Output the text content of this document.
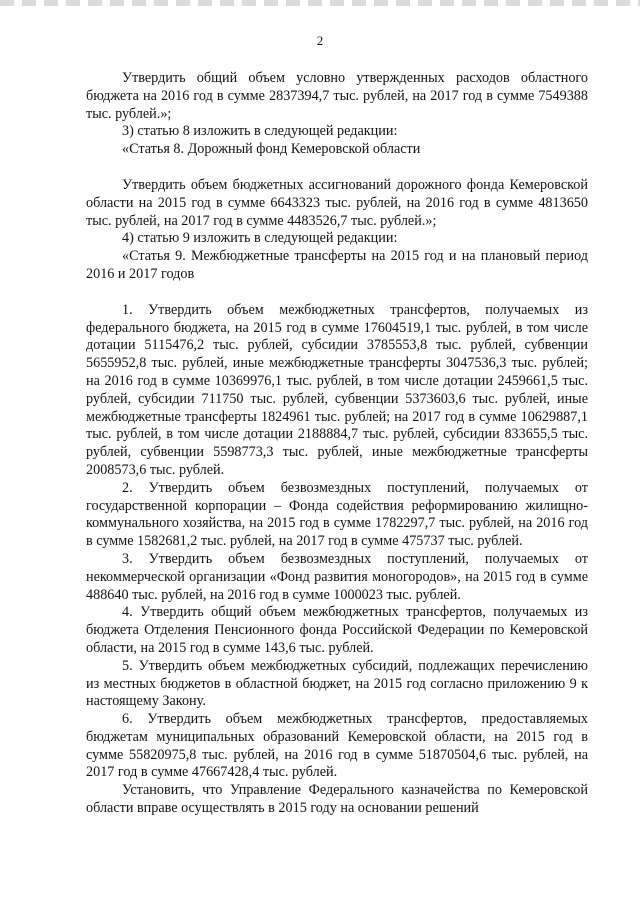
2

Утвердить общий объем условно утвержденных расходов областного бюджета на 2016 год в сумме 2837394,7 тыс. рублей, на 2017 год в сумме 7549388 тыс. рублей.»;

3) статью 8 изложить в следующей редакции:

«Статья 8. Дорожный фонд Кемеровской области

Утвердить объем бюджетных ассигнований дорожного фонда Кемеровской области на 2015 год в сумме 6643323 тыс. рублей, на 2016 год в сумме 4813650 тыс. рублей, на 2017 год в сумме 4483526,7 тыс. рублей.»;

4) статью 9 изложить в следующей редакции:

«Статья 9. Межбюджетные трансферты на 2015 год и на плановый период 2016 и 2017 годов

1. Утвердить объем межбюджетных трансфертов, получаемых из федерального бюджета, на 2015 год в сумме 17604519,1 тыс. рублей, в том числе дотации 5115476,2 тыс. рублей, субсидии 3785553,8 тыс. рублей, субвенции 5655952,8 тыс. рублей, иные межбюджетные трансферты 3047536,3 тыс. рублей; на 2016 год в сумме 10369976,1 тыс. рублей, в том числе дотации 2459661,5 тыс. рублей, субсидии 711750 тыс. рублей, субвенции 5373603,6 тыс. рублей, иные межбюджетные трансферты 1824961 тыс. рублей; на 2017 год в сумме 10629887,1 тыс. рублей, в том числе дотации 2188884,7 тыс. рублей, субсидии 833655,5 тыс. рублей, субвенции 5598773,3 тыс. рублей, иные межбюджетные трансферты 2008573,6 тыс. рублей.

2. Утвердить объем безвозмездных поступлений, получаемых от государственной корпорации – Фонда содействия реформированию жилищно-коммунального хозяйства, на 2015 год в сумме 1782297,7 тыс. рублей, на 2016 год в сумме 1582681,2 тыс. рублей, на 2017 год в сумме 475737 тыс. рублей.

3. Утвердить объем безвозмездных поступлений, получаемых от некоммерческой организации «Фонд развития моногородов», на 2015 год в сумме 488640 тыс. рублей, на 2016 год в сумме 1000023 тыс. рублей.

4. Утвердить общий объем межбюджетных трансфертов, получаемых из бюджета Отделения Пенсионного фонда Российской Федерации по Кемеровской области, на 2015 год в сумме 143,6 тыс. рублей.

5. Утвердить объем межбюджетных субсидий, подлежащих перечислению из местных бюджетов в областной бюджет, на 2015 год согласно приложению 9 к настоящему Закону.

6. Утвердить объем межбюджетных трансфертов, предоставляемых бюджетам муниципальных образований Кемеровской области, на 2015 год в сумме 55820975,8 тыс. рублей, на 2016 год в сумме 51870504,6 тыс. рублей, на 2017 год в сумме 47667428,4 тыс. рублей.

Установить, что Управление Федерального казначейства по Кемеровской области вправе осуществлять в 2015 году на основании решений
